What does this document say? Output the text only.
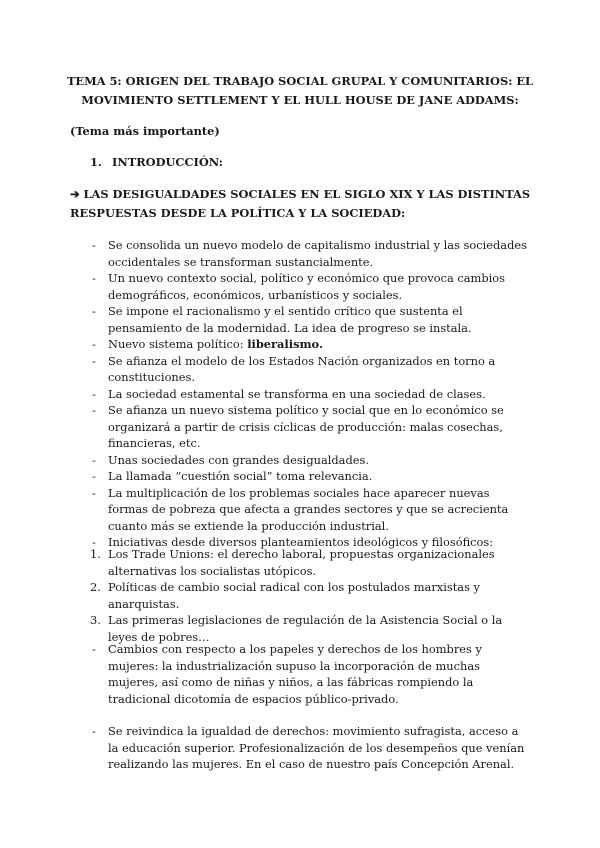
TEMA 5: ORIGEN DEL TRABAJO SOCIAL GRUPAL Y COMUNITARIOS: EL
MOVIMIENTO SETTLEMENT Y EL HULL HOUSE DE JANE ADDAMS:
(Tema más importante)
1. INTRODUCCIÓN:
➔ LAS DESIGUALDADES SOCIALES EN EL SIGLO XIX Y LAS DISTINTAS RESPUESTAS DESDE LA POLÍTICA Y LA SOCIEDAD:
-	Se consolida un nuevo modelo de capitalismo industrial y las sociedades occidentales se transforman sustancialmente.
-	Un nuevo contexto social, político y económico que provoca cambios demográficos, económicos, urbanísticos y sociales.
-	Se impone el racionalismo y el sentido crítico que sustenta el pensamiento de la modernidad. La idea de progreso se instala.
-	Nuevo sistema político: liberalismo.
-	Se afianza el modelo de los Estados Nación organizados en torno a constituciones.
-	La sociedad estamental se transforma en una sociedad de clases.
-	Se afianza un nuevo sistema político y social que en lo económico se organizará a partir de crisis cíclicas de producción: malas cosechas, financieras, etc.
-	Unas sociedades con grandes desigualdades.
-	La llamada “cuestión social” toma relevancia.
-	La multiplicación de los problemas sociales hace aparecer nuevas formas de pobreza que afecta a grandes sectores y que se acrecienta cuanto más se extiende la producción industrial.
-	Iniciativas desde diversos planteamientos ideológicos y filosóficos:
1. Los Trade Unions: el derecho laboral, propuestas organizacionales alternativas los socialistas utópicos.
2. Políticas de cambio social radical con los postulados marxistas y anarquistas.
3. Las primeras legislaciones de regulación de la Asistencia Social o la leyes de pobres…
-	Cambios con respecto a los papeles y derechos de los hombres y mujeres: la industrialización supuso la incorporación de muchas mujeres, así como de niñas y niños, a las fábricas rompiendo la tradicional dicotomía de espacios público-privado.
-	Se reivindica la igualdad de derechos: movimiento sufragista, acceso a la educación superior. Profesionalización de los desempeños que venían realizando las mujeres. En el caso de nuestro país Concepción Arenal.
